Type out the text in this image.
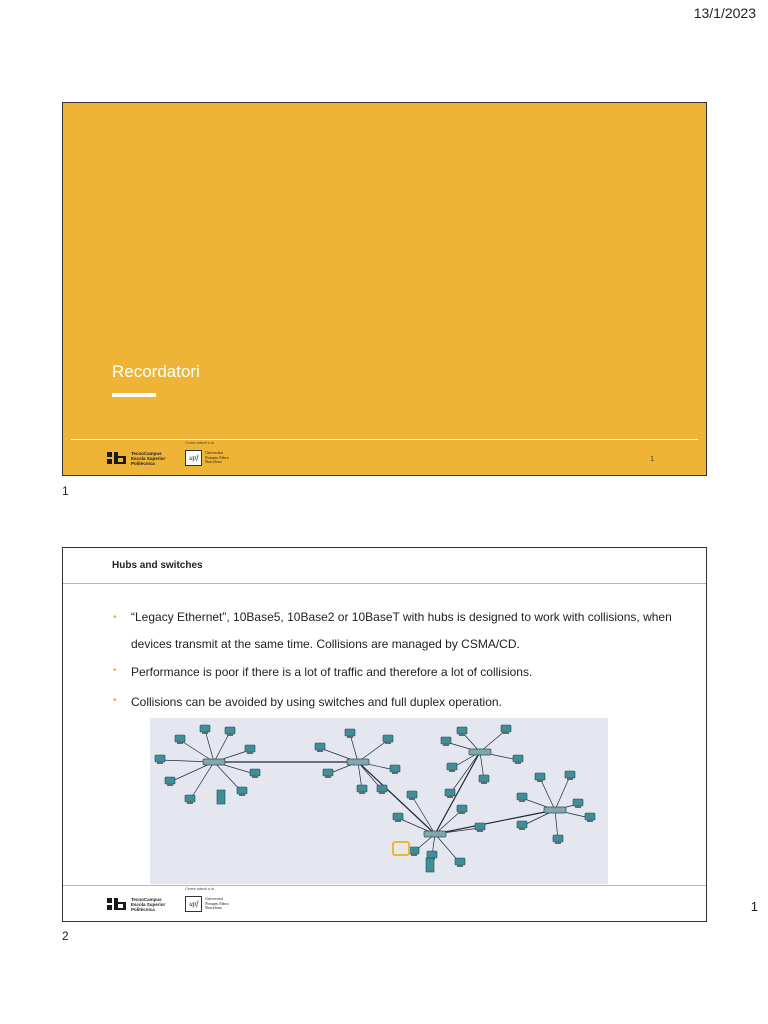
13/1/2023
Recordatori
TecnoCampus
Escola Superior
Politècnica
Centre adscrit a la
upf
Universitat
Pompeu Fabra
Barcelona	1
1
Hubs and switches
• “Legacy Ethernet”, 10Base5, 10Base2 or 10BaseT with hubs is designed to work with collisions, when devices transmit at the same time. Collisions are managed by CSMA/CD.
• Performance is poor if there is a lot of traffic and therefore a lot of collisions.
• Collisions can be avoided by using switches and full duplex operation.
TecnoCampus
Escola Superior
Politècnica
Centre adscrit a la
upf
Universitat
Pompeu Fabra
Barcelona	1
2
